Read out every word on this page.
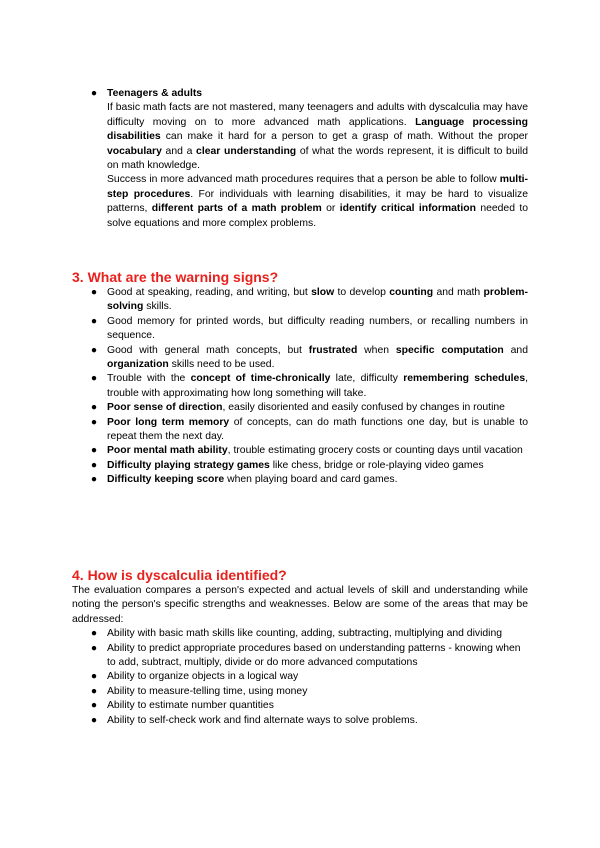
● Teenagers & adults

If basic math facts are not mastered, many teenagers and adults with dyscalculia may have difficulty moving on to more advanced math applications. Language processing disabilities can make it hard for a person to get a grasp of math. Without the proper vocabulary and a clear understanding of what the words represent, it is difficult to build on math knowledge.

Success in more advanced math procedures requires that a person be able to follow multi-step procedures. For individuals with learning disabilities, it may be hard to visualize patterns, different parts of a math problem or identify critical information needed to solve equations and more complex problems.

3. What are the warning signs?
● Good at speaking, reading, and writing, but slow to develop counting and math problem-solving skills.

● Good memory for printed words, but difficulty reading numbers, or recalling numbers in sequence.

● Good with general math concepts, but frustrated when specific computation and organization skills need to be used.

● Trouble with the concept of time-chronically late, difficulty remembering schedules, trouble with approximating how long something will take.

● Poor sense of direction, easily disoriented and easily confused by changes in routine

● Poor long term memory of concepts, can do math functions one day, but is unable to repeat them the next day.

● Poor mental math ability, trouble estimating grocery costs or counting days until vacation

● Difficulty playing strategy games like chess, bridge or role-playing video games

● Difficulty keeping score when playing board and card games.

4. How is dyscalculia identified?

The evaluation compares a person's expected and actual levels of skill and understanding while noting the person's specific strengths and weaknesses. Below are some of the areas that may be addressed:

● Ability with basic math skills like counting, adding, subtracting, multiplying and dividing

● Ability to predict appropriate procedures based on understanding patterns - knowing when to add, subtract, multiply, divide or do more advanced computations

● Ability to organize objects in a logical way

● Ability to measure-telling time, using money

● Ability to estimate number quantities

● Ability to self-check work and find alternate ways to solve problems.
